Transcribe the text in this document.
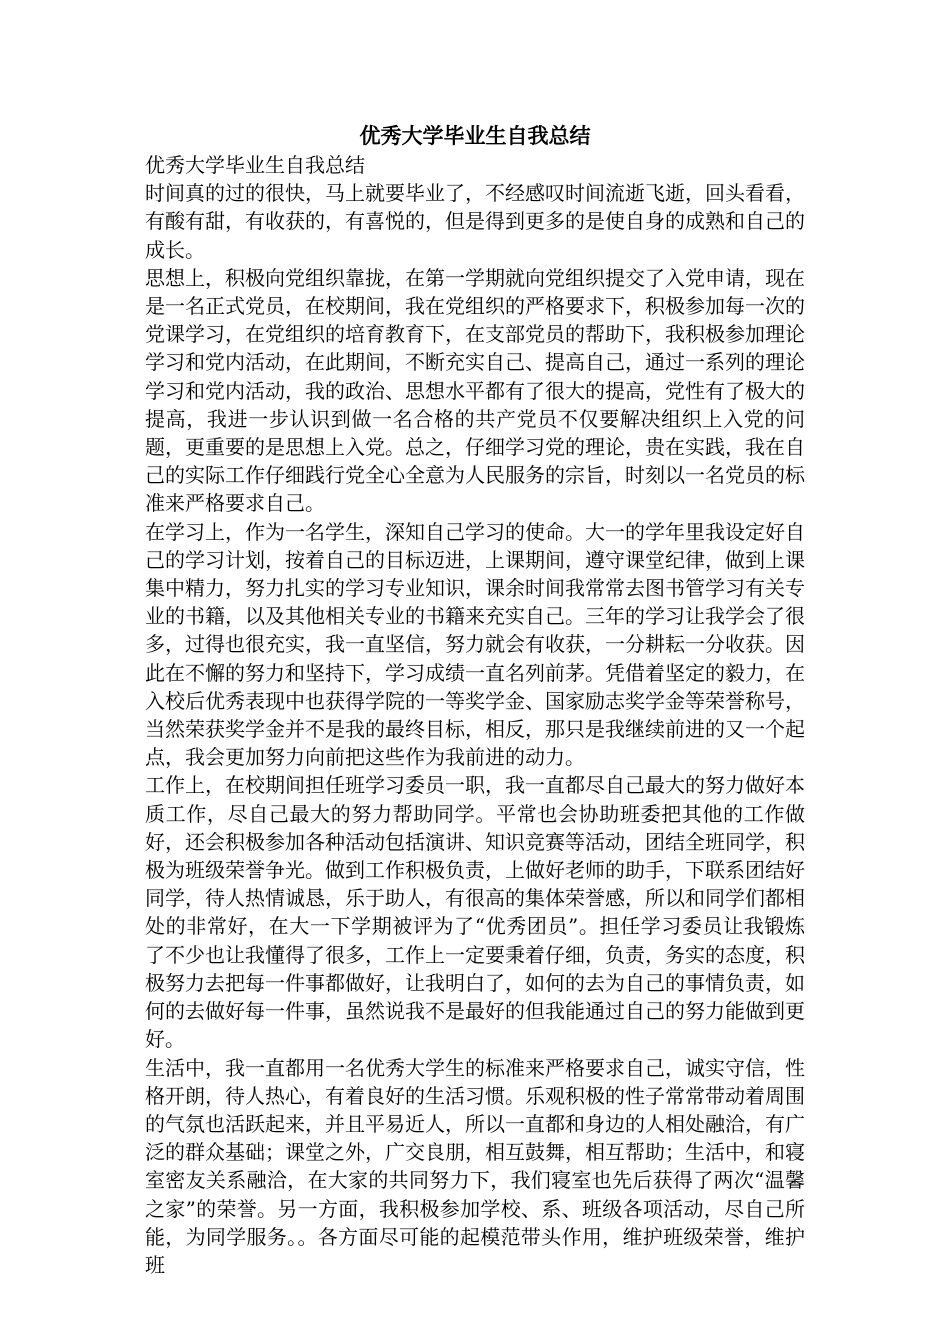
优秀大学毕业生自我总结

优秀大学毕业生自我总结

时间真的过的很快，马上就要毕业了，不经感叹时间流逝飞逝，回头看看，有酸有甜，有收获的，有喜悦的，但是得到更多的是使自身的成熟和自己的成长。

思想上，积极向党组织靠拢，在第一学期就向党组织提交了入党申请，现在是一名正式党员，在校期间，我在党组织的严格要求下，积极参加每一次的党课学习，在党组织的培育教育下，在支部党员的帮助下，我积极参加理论学习和党内活动，在此期间，不断充实自己、提高自己，通过一系列的理论学习和党内活动，我的政治、思想水平都有了很大的提高，党性有了极大的提高，我进一步认识到做一名合格的共产党员不仅要解决组织上入党的问题，更重要的是思想上入党。总之，仔细学习党的理论，贵在实践，我在自己的实际工作仔细践行党全心全意为人民服务的宗旨，时刻以一名党员的标准来严格要求自己。

在学习上，作为一名学生，深知自己学习的使命。大一的学年里我设定好自己的学习计划，按着自己的目标迈进，上课期间，遵守课堂纪律，做到上课集中精力，努力扎实的学习专业知识，课余时间我常常去图书管学习有关专业的书籍，以及其他相关专业的书籍来充实自己。三年的学习让我学会了很多，过得也很充实，我一直坚信，努力就会有收获，一分耕耘一分收获。因此在不懈的努力和坚持下，学习成绩一直名列前茅。凭借着坚定的毅力，在入校后优秀表现中也获得学院的一等奖学金、国家励志奖学金等荣誉称号，当然荣获奖学金并不是我的最终目标，相反，那只是我继续前进的又一个起点，我会更加努力向前把这些作为我前进的动力。

工作上，在校期间担任班学习委员一职，我一直都尽自己最大的努力做好本质工作，尽自己最大的努力帮助同学。平常也会协助班委把其他的工作做好，还会积极参加各种活动包括演讲、知识竞赛等活动，团结全班同学，积极为班级荣誉争光。做到工作积极负责，上做好老师的助手，下联系团结好同学，待人热情诚恳，乐于助人，有很高的集体荣誉感，所以和同学们都相处的非常好，在大一下学期被评为了“优秀团员”。担任学习委员让我锻炼了不少也让我懂得了很多，工作上一定要秉着仔细，负责，务实的态度，积极努力去把每一件事都做好，让我明白了，如何的去为自己的事情负责，如何的去做好每一件事，虽然说我不是最好的但我能通过自己的努力能做到更好。

生活中，我一直都用一名优秀大学生的标准来严格要求自己，诚实守信，性格开朗，待人热心，有着良好的生活习惯。乐观积极的性子常常带动着周围的气氛也活跃起来，并且平易近人，所以一直都和身边的人相处融洽，有广泛的群众基础；课堂之外，广交良朋，相互鼓舞，相互帮助；生活中，和寝室密友关系融洽，在大家的共同努力下，我们寝室也先后获得了两次“温馨之家”的荣誉。另一方面，我积极参加学校、系、班级各项活动，尽自己所能，为同学服务。。各方面尽可能的起模范带头作用，维护班级荣誉，维护班
